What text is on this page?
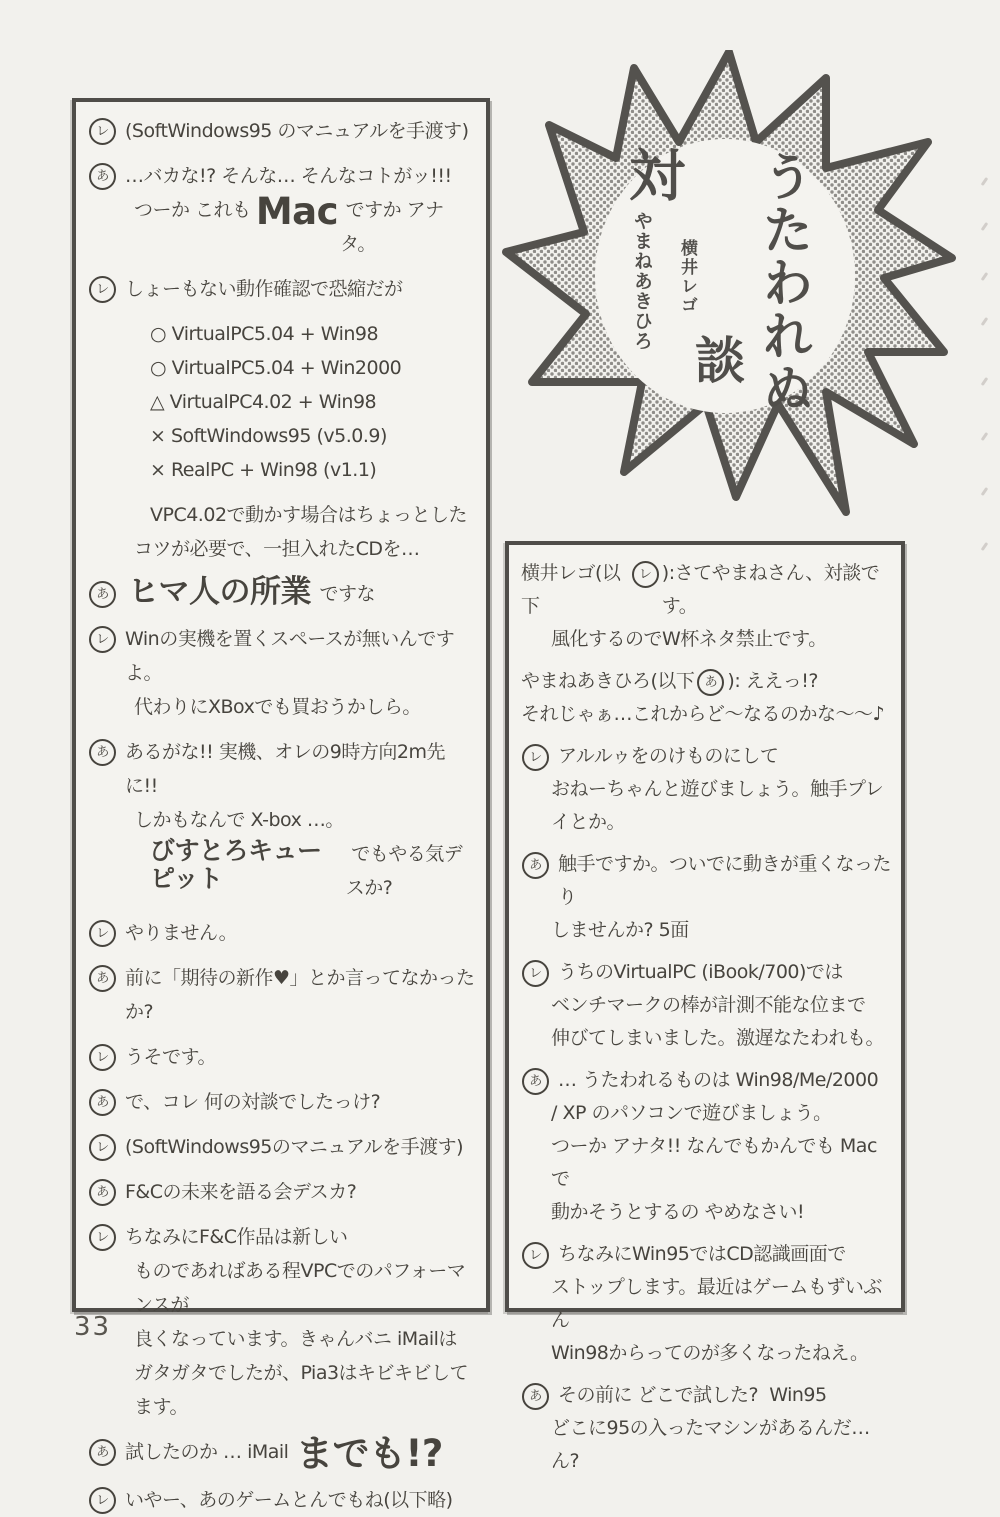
うたわれぬ
対
談
やまねあきひろ 横井レゴ
レ (SoftWindows95 のマニュアルを手渡す)
あ …バカな!? そんな… そんなコトがッ!!!
つーか これも Mac ですか アナタ。
レ しょーもない動作確認で恐縮だが
○ VirtualPC5.04 + Win98
○ VirtualPC5.04 + Win2000
△ VirtualPC4.02 + Win98
× SoftWindows95 (v5.0.9)
× RealPC + Win98 (v1.1)
VPC4.02で動かす場合はちょっとした
コツが必要で、一担入れたCDを…
あ ヒマ人の所業 ですな
レ Winの実機を置くスペースが無いんですよ。
代わりにXBoxでも買おうかしら。
あ あるがな!! 実機、オレの9時方向2m先に!!
しかもなんで X-box …。
びすとろキューピット
でもやる気デスか?
レ やりません。
あ 前に「期待の新作♥」とか言ってなかったか?
レ うそです。
あ で、コレ 何の対談でしたっけ?
レ (SoftWindows95のマニュアルを手渡す)
あ F&Cの未来を語る会デスカ?
レ ちなみにF&C作品は新しい
ものであればある程VPCでのパフォーマンスが
良くなっています。きゃんバニ iMailは
ガタガタでしたが、Pia3はキビキビしてます。
あ 試したのか … iMail までも!?
レ いやー、あのゲームとんでもね(以下略)
横井レゴ(以下
レ ):さてやまねさん、対談です。
風化するのでW杯ネタ禁止です。
やまねあきひろ(以下 あ ): ええっ!?
それじゃぁ…これからど〜なるのかな〜〜♪
レ アルルゥをのけものにして
おねーちゃんと遊びましょう。触手プレイとか。
あ 触手ですか。ついでに動きが重くなったり
しませんか? 5面
レ うちのVirtualPC (iBook/700)では
ベンチマークの棒が計測不能な位まで
伸びてしまいました。激遅なたわれも。
あ … うたわれるものは Win98/Me/2000
/ XP のパソコンで遊びましょう。
つーか アナタ!! なんでもかんでも Macで
動かそうとするの やめなさい!
レ ちなみにWin95ではCD認識画面で
ストップします。最近はゲームもずいぶん
Win98からってのが多くなったねえ。
あ その前に どこで試した?  Win95
どこに95の入ったマシンがあるんだ…ん?
33
